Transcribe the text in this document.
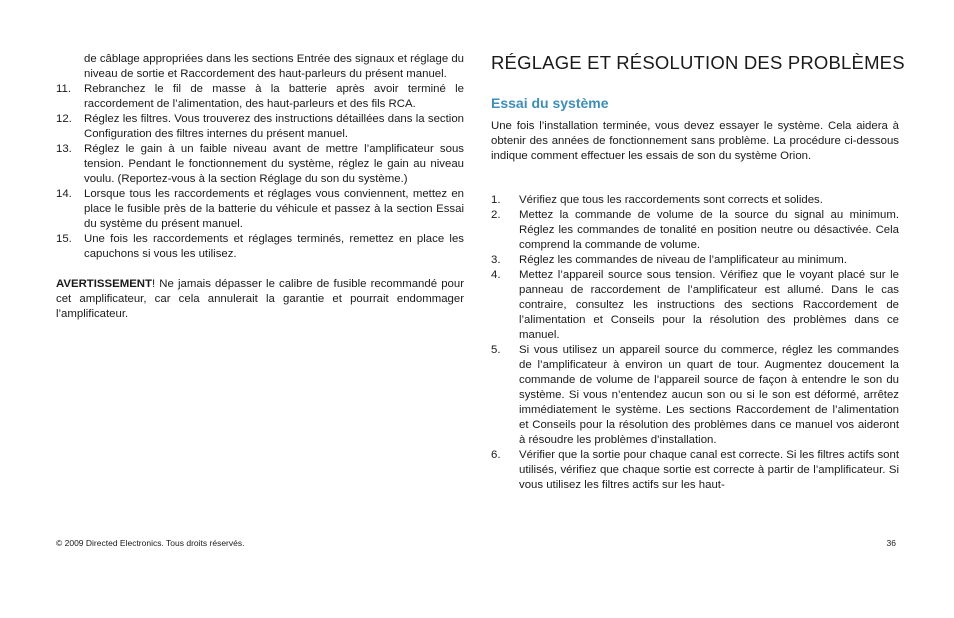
de câblage appropriées dans les sections Entrée des signaux et réglage du niveau de sortie et Raccordement des haut-parleurs du présent manuel.

11. Rebranchez le fil de masse à la batterie après avoir terminé le raccordement de l’alimentation, des haut-parleurs et des fils RCA.
12. Réglez les filtres. Vous trouverez des instructions détaillées dans la section Configuration des filtres internes du présent manuel.
13. Réglez le gain à un faible niveau avant de mettre l’amplificateur sous tension. Pendant le fonctionnement du système, réglez le gain au niveau voulu. (Reportez-vous à la section Réglage du son du système.)
14. Lorsque tous les raccordements et réglages vous conviennent, mettez en place le fusible près de la batterie du véhicule et passez à la section Essai du système du présent manuel.
15. Une fois les raccordements et réglages terminés, remettez en place les capuchons si vous les utilisez.

AVERTISSEMENT! Ne jamais dépasser le calibre de fusible recommandé pour cet amplificateur, car cela annulerait la garantie et pourrait endommager l’amplificateur.

RÉGLAGE ET RÉSOLUTION DES PROBLÈMES
Essai du système

Une fois l’installation terminée, vous devez essayer le système. Cela aidera à obtenir des années de fonctionnement sans problème. La procédure ci-dessous indique comment effectuer les essais de son du système Orion.

1. Vérifiez que tous les raccordements sont corrects et solides.
2. Mettez la commande de volume de la source du signal au minimum. Réglez les commandes de tonalité en position neutre ou désactivée. Cela comprend la commande de volume.
3. Réglez les commandes de niveau de l’amplificateur au minimum.
4. Mettez l’appareil source sous tension. Vérifiez que le voyant placé sur le panneau de raccordement de l’amplificateur est allumé. Dans le cas contraire, consultez les instructions des sections Raccordement de l’alimentation et Conseils pour la résolution des problèmes dans ce manuel.
5. Si vous utilisez un appareil source du commerce, réglez les commandes de l’amplificateur à environ un quart de tour. Augmentez doucement la commande de volume de l’appareil source de façon à entendre le son du système. Si vous n’entendez aucun son ou si le son est déformé, arrêtez immédiatement le système. Les sections Raccordement de l’alimentation et Conseils pour la résolution des problèmes dans ce manuel vos aideront à résoudre les problèmes d’installation.
6. Vérifier que la sortie pour chaque canal est correcte. Si les filtres actifs sont utilisés, vérifiez que chaque sortie est correcte à partir de l’amplificateur. Si vous utilisez les filtres actifs sur les haut-
© 2009 Directed Electronics. Tous droits réservés.	36
